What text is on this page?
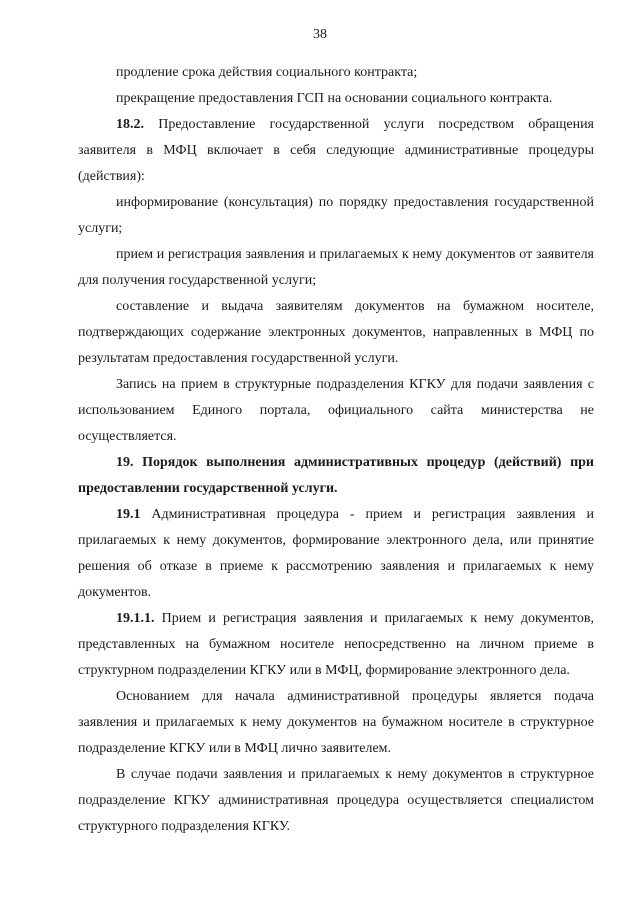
38

продление срока действия социального контракта;

прекращение предоставления ГСП на основании социального контракта.

18.2. Предоставление государственной услуги посредством обращения заявителя в МФЦ включает в себя следующие административные процедуры (действия):

информирование (консультация) по порядку предоставления государственной услуги;

прием и регистрация заявления и прилагаемых к нему документов от заявителя для получения государственной услуги;

составление и выдача заявителям документов на бумажном носителе, подтверждающих содержание электронных документов, направленных в МФЦ по результатам предоставления государственной услуги.

Запись на прием в структурные подразделения КГКУ для подачи заявления с использованием Единого портала, официального сайта министерства не осуществляется.

19. Порядок выполнения административных процедур (действий) при предоставлении государственной услуги.

19.1 Административная процедура - прием и регистрация заявления и прилагаемых к нему документов, формирование электронного дела, или принятие решения об отказе в приеме к рассмотрению заявления и прилагаемых к нему документов.

19.1.1. Прием и регистрация заявления и прилагаемых к нему документов, представленных на бумажном носителе непосредственно на личном приеме в структурном подразделении КГКУ или в МФЦ, формирование электронного дела.

Основанием для начала административной процедуры является подача заявления и прилагаемых к нему документов на бумажном носителе в структурное подразделение КГКУ или в МФЦ лично заявителем.

В случае подачи заявления и прилагаемых к нему документов в структурное подразделение КГКУ административная процедура осуществляется специалистом структурного подразделения КГКУ.
